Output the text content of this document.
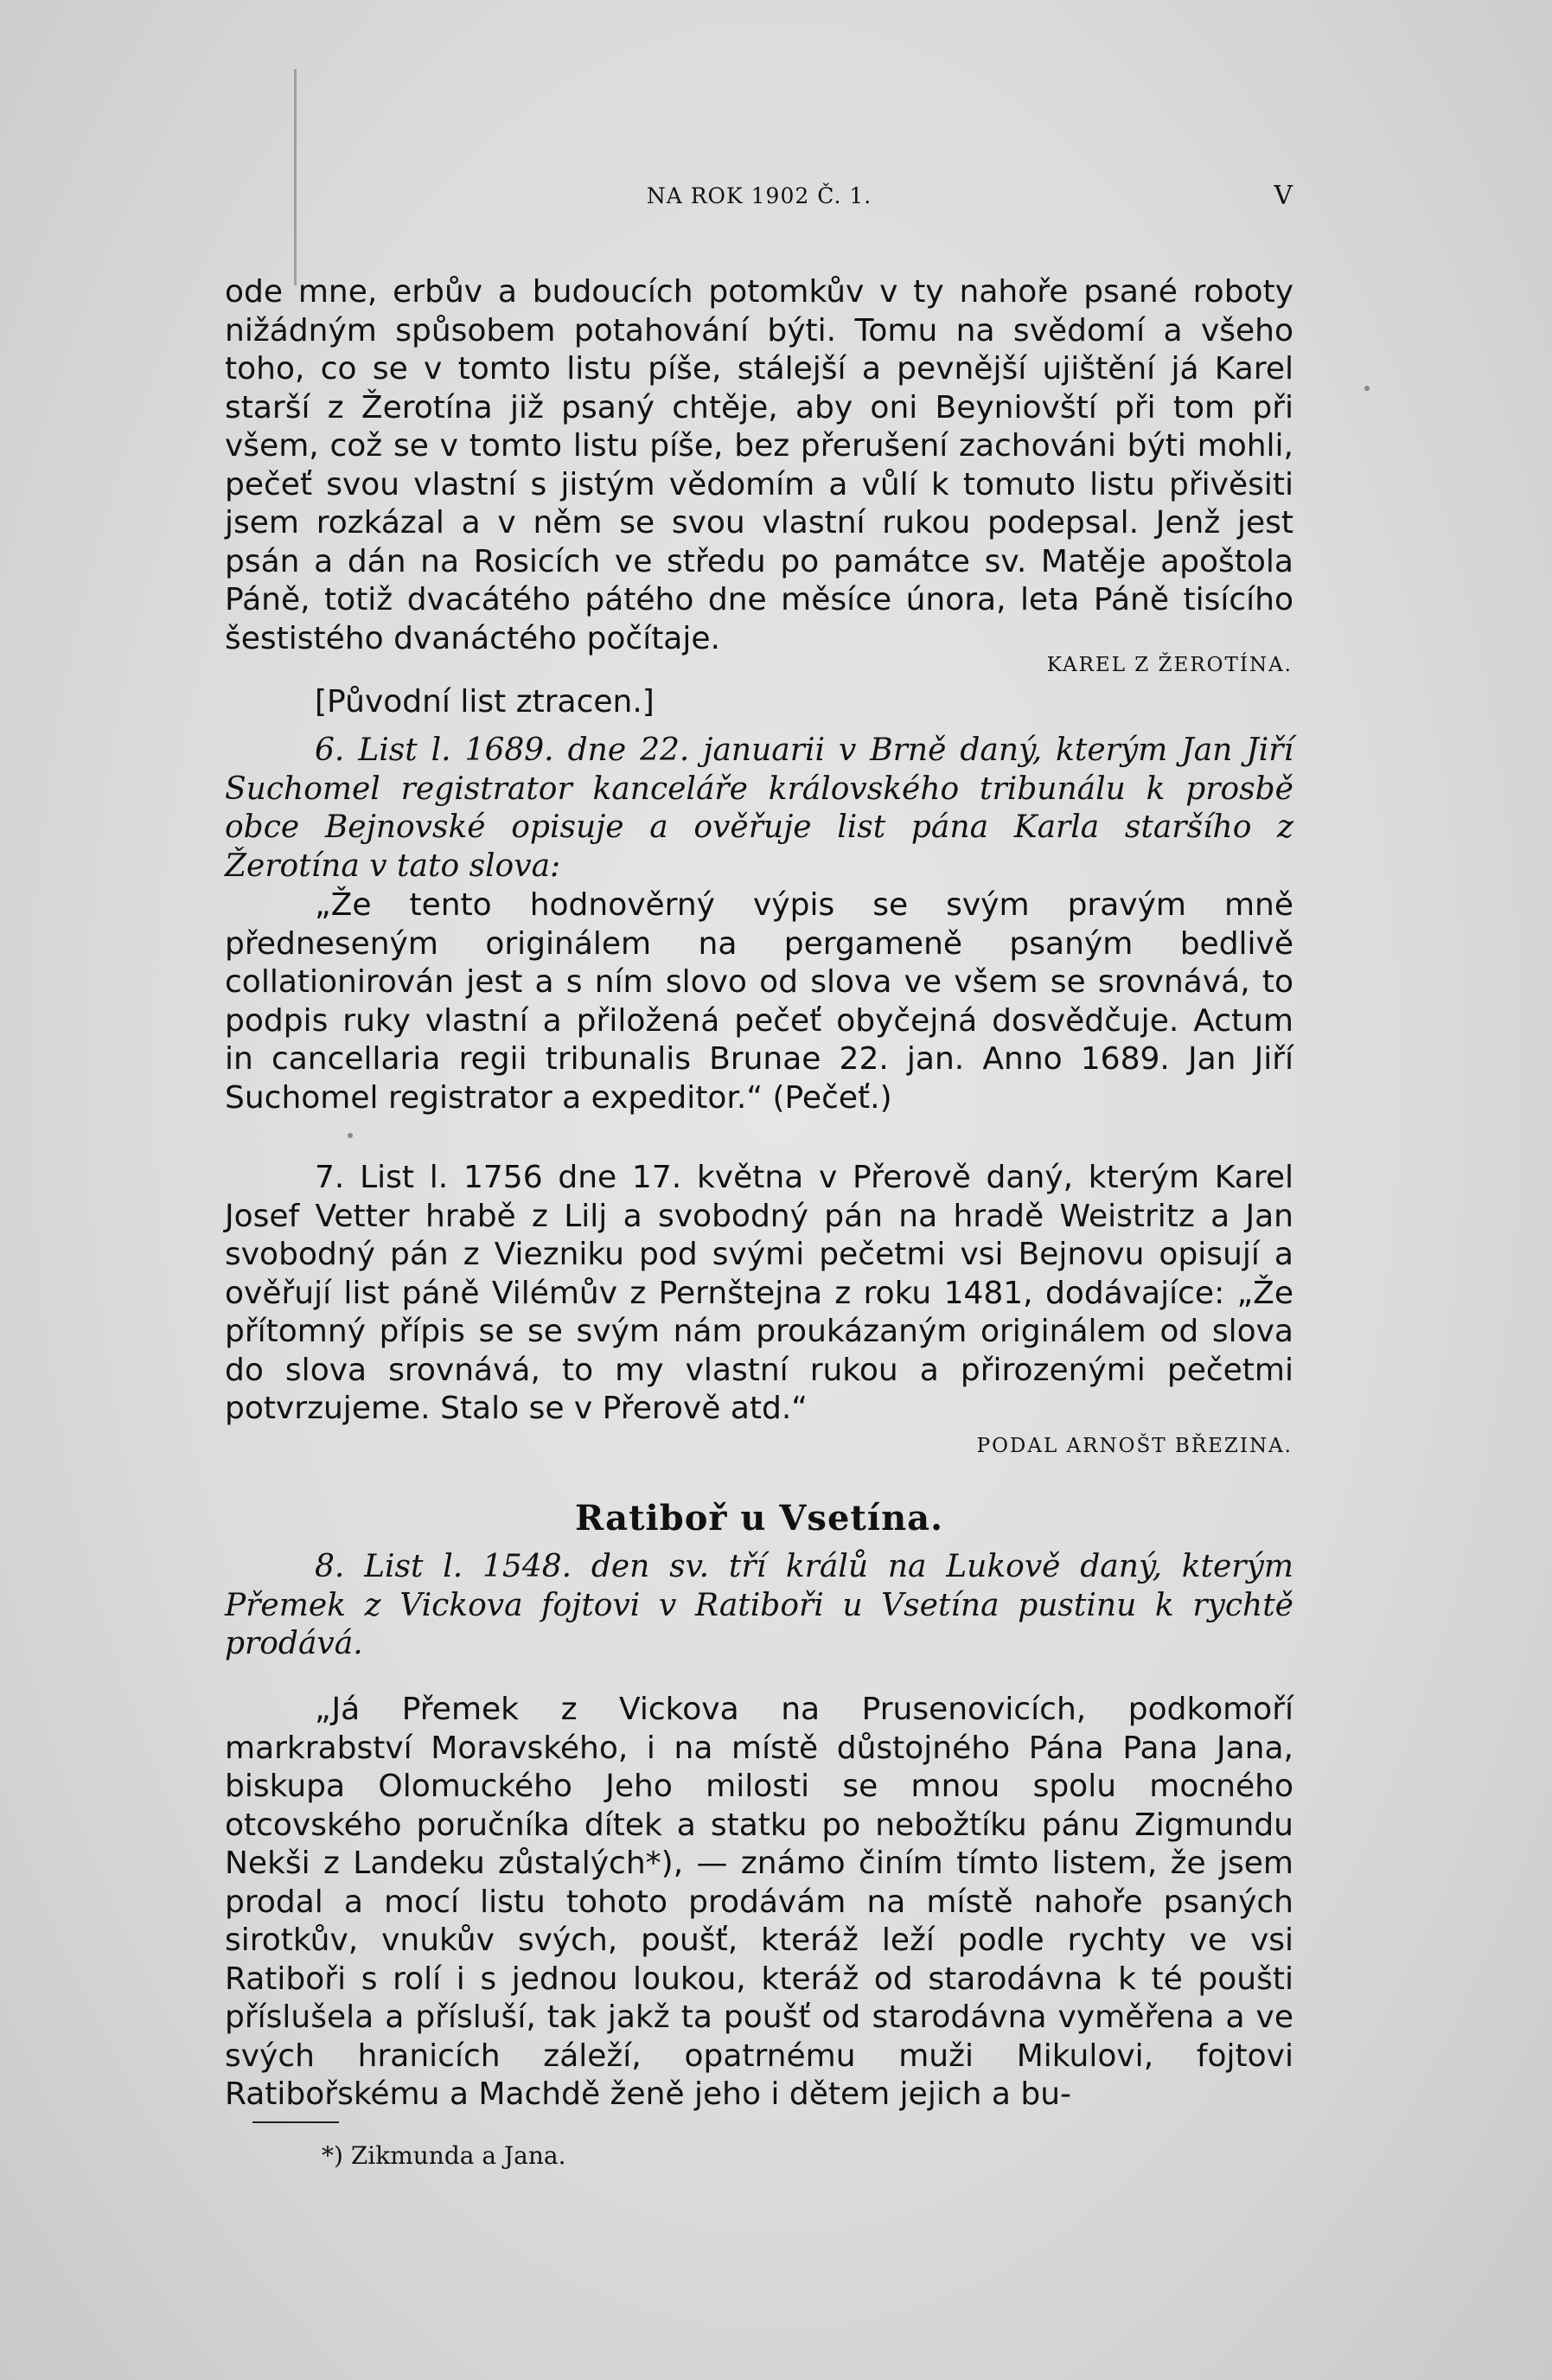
NA ROK 1902 Č. 1.	V

ode mne, erbův a budoucích potomkův v ty nahoře psané roboty nižádným spůsobem potahování býti. Tomu na svědomí a všeho toho, co se v tomto listu píše, stálejší a pevnější ujištění já Karel starší z Žerotína již psaný chtěje, aby oni Beyniovští při tom při všem, což se v tomto listu píše, bez přerušení zachováni býti mohli, pečeť svou vlastní s jistým vědomím a vůlí k tomuto listu přivěsiti jsem rozkázal a v něm se svou vlastní rukou podepsal. Jenž jest psán a dán na Rosicích ve středu po památce sv. Matěje apoštola Páně, totiž dvacátého pátého dne měsíce února, leta Páně tisícího šestistého dvanáctého počítaje.

KAREL Z ŽEROTÍNA.
[Původní list ztracen.]

6. List l. 1689. dne 22. januarii v Brně daný, kterým Jan Jiří Suchomel registrator kanceláře královského tribunálu k prosbě obce Bejnovské opisuje a ověřuje list pána Karla staršího z Žerotína v tato slova:

„Že tento hodnověrný výpis se svým pravým mně předneseným originálem na pergameně psaným bedlivě collationirován jest a s ním slovo od slova ve všem se srovnává, to podpis ruky vlastní a přiložená pečeť obyčejná dosvědčuje. Actum in cancellaria regii tribunalis Brunae 22. jan. Anno 1689. Jan Jiří Suchomel registrator a expeditor.“ (Pečeť.)

7. List l. 1756 dne 17. května v Přerově daný, kterým Karel Josef Vetter hrabě z Lilj a svobodný pán na hradě Weistritz a Jan svobodný pán z Viezniku pod svými pečetmi vsi Bejnovu opisují a ověřují list páně Vilémův z Pernštejna z roku 1481, dodávajíce: „Že přítomný přípis se se svým nám proukázaným originálem od slova do slova srovnává, to my vlastní rukou a přirozenými pečetmi potvrzujeme. Stalo se v Přerově atd.“

PODAL ARNOŠT BŘEZINA.
Ratiboř u Vsetína.

8. List l. 1548. den sv. tří králů na Lukově daný, kterým Přemek z Vickova fojtovi v Ratiboři u Vsetína pustinu k rychtě prodává.

„Já Přemek z Vickova na Prusenovicích, podkomoří markrabství Moravského, i na místě důstojného Pána Pana Jana, biskupa Olomuckého Jeho milosti se mnou spolu mocného otcovského poručníka dítek a statku po nebožtíku pánu Zigmundu Nekši z Landeku zůstalých*), — známo činím tímto listem, že jsem prodal a mocí listu tohoto prodávám na místě nahoře psaných sirotkův, vnukův svých, poušť, kteráž leží podle rychty ve vsi Ratiboři s rolí i s jednou loukou, kteráž od starodávna k té poušti příslušela a přísluší, tak jakž ta poušť od starodávna vyměřena a ve svých hranicích záleží, opatrnému muži Mikulovi, fojtovi Ratibořskému a Machdě ženě jeho i dětem jejich a bu-

*) Zikmunda a Jana.
